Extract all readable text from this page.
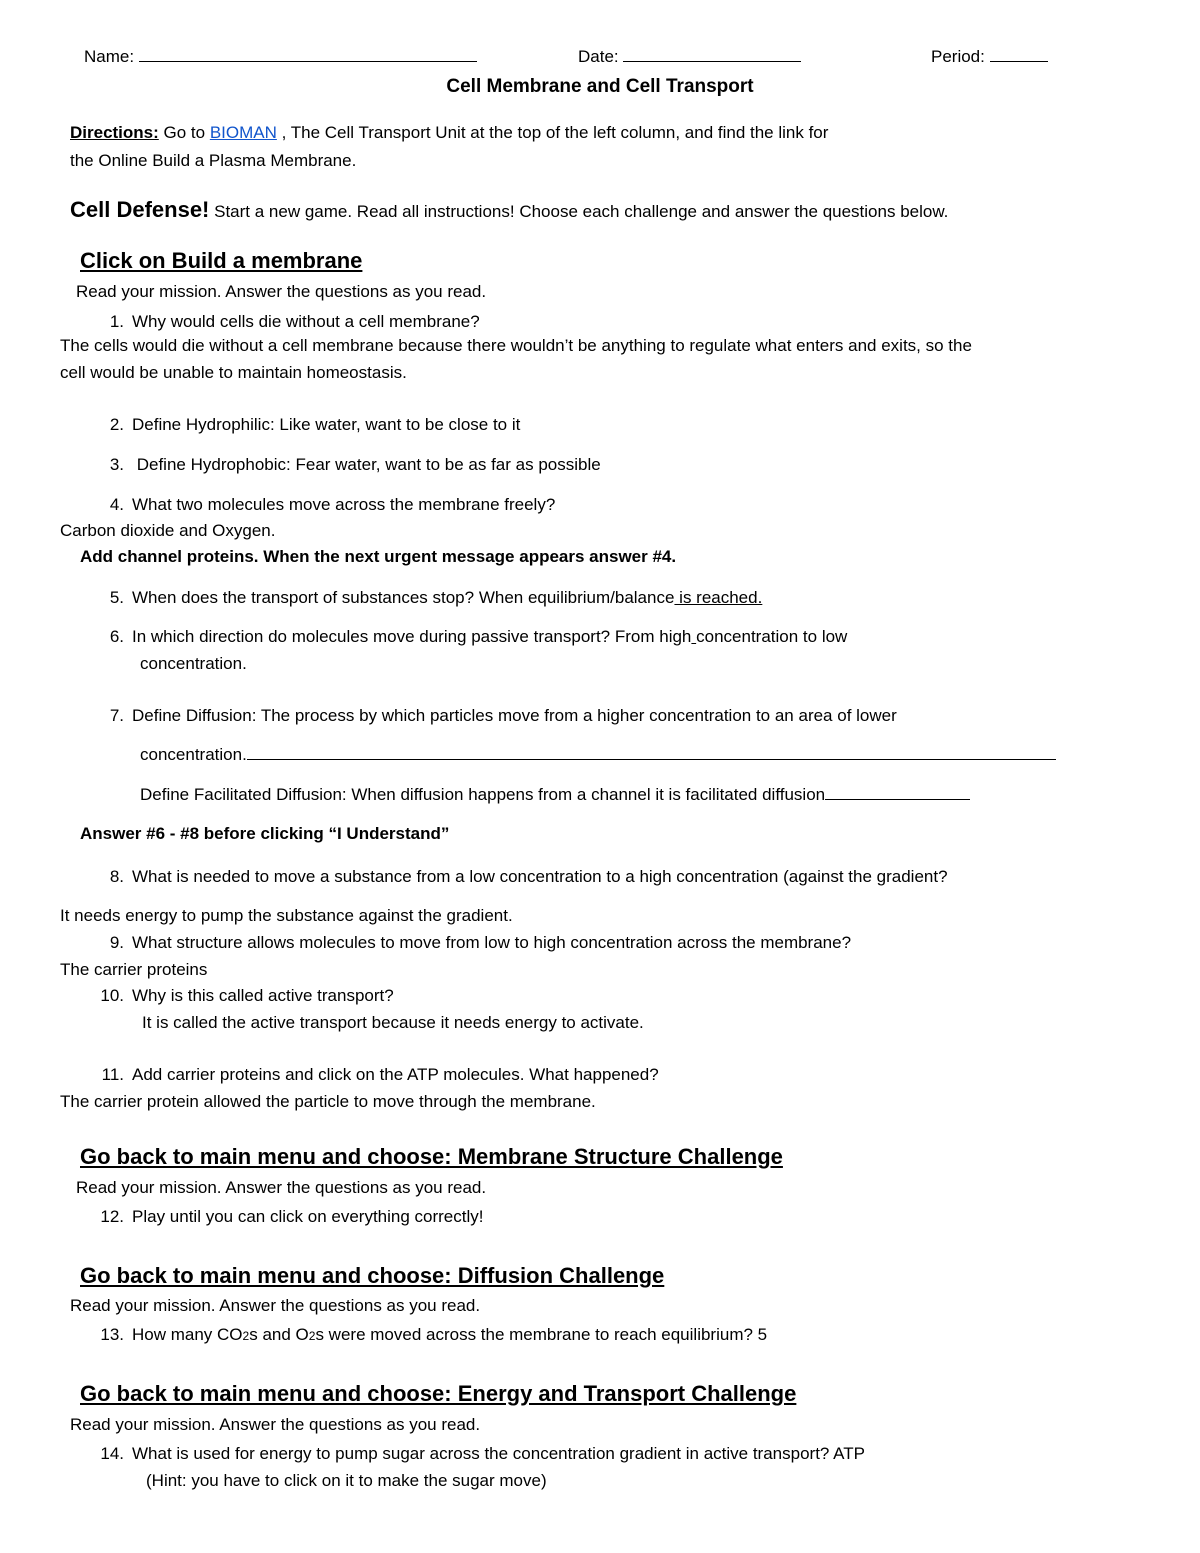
Name:	Date:	Period:
Cell Membrane and Cell Transport
Directions: Go to BIOMAN , The Cell Transport Unit at the top of the left column, and find the link for
the Online Build a Plasma Membrane.
Cell Defense! Start a new game. Read all instructions! Choose each challenge and answer the questions below.
Click on Build a membrane
Read your mission. Answer the questions as you read.
1. Why would cells die without a cell membrane?
The cells would die without a cell membrane because there wouldn’t be anything to regulate what enters and exits, so the
cell would be unable to maintain homeostasis.
2. Define Hydrophilic: Like water, want to be close to it
3. Define Hydrophobic: Fear water, want to be as far as possible
4. What two molecules move across the membrane freely?
Carbon dioxide and Oxygen.
Add channel proteins. When the next urgent message appears answer #4.
5. When does the transport of substances stop? When equilibrium/balance is reached.
6. In which direction do molecules move during passive transport? From high concentration to low
concentration.
7. Define Diffusion: The process by which particles move from a higher concentration to an area of lower
concentration.
Define Facilitated Diffusion: When diffusion happens from a channel it is facilitated diffusion
Answer #6 - #8 before clicking “I Understand”
8. What is needed to move a substance from a low concentration to a high concentration (against the gradient?
It needs energy to pump the substance against the gradient.
9. What structure allows molecules to move from low to high concentration across the membrane?
The carrier proteins
10. Why is this called active transport?
It is called the active transport because it needs energy to activate.
11. Add carrier proteins and click on the ATP molecules. What happened?
The carrier protein allowed the particle to move through the membrane.
Go back to main menu and choose: Membrane Structure Challenge
Read your mission. Answer the questions as you read.
12. Play until you can click on everything correctly!
Go back to main menu and choose: Diffusion Challenge
Read your mission. Answer the questions as you read.
13. How many CO2s and O2s were moved across the membrane to reach equilibrium? 5
Go back to main menu and choose: Energy and Transport Challenge
Read your mission. Answer the questions as you read.
14. What is used for energy to pump sugar across the concentration gradient in active transport? ATP
(Hint: you have to click on it to make the sugar move)
